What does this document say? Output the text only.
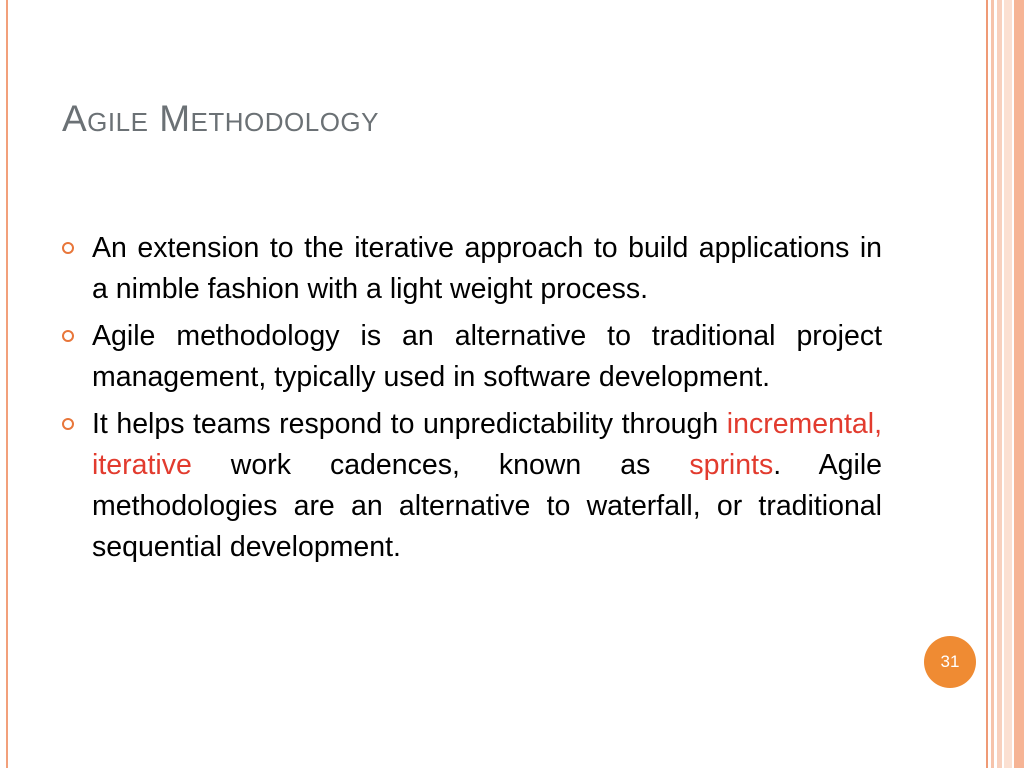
Agile Methodology
An extension to the iterative approach to build applications in a nimble fashion with a light weight process.
Agile methodology is an alternative to traditional project management, typically used in software development.
It helps teams respond to unpredictability through incremental, iterative work cadences, known as sprints. Agile methodologies are an alternative to waterfall, or traditional sequential development.
31
